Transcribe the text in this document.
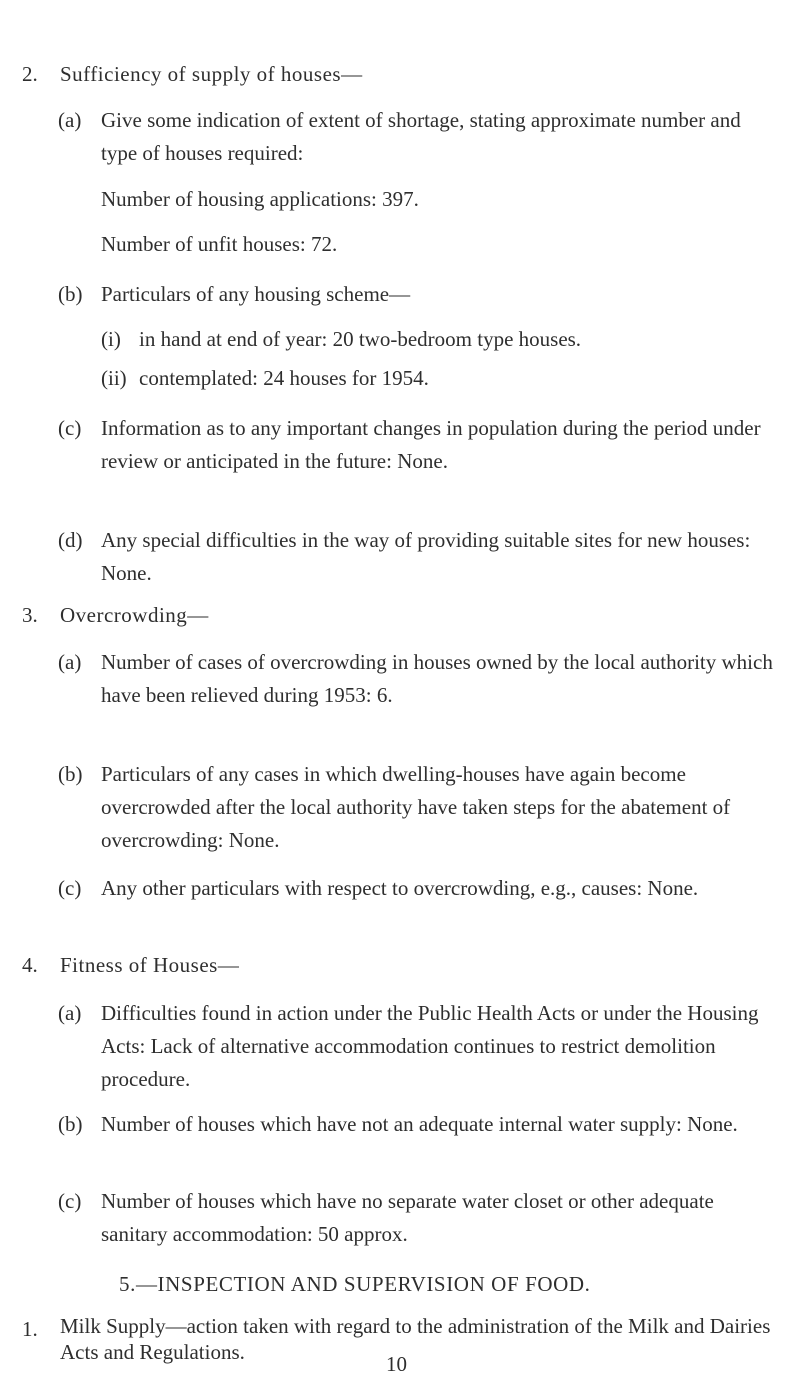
2. Sufficiency of supply of houses—
(a) Give some indication of extent of shortage, stating approximate number and type of houses required:

Number of housing applications: 397.

Number of unfit houses: 72.

(b) Particulars of any housing scheme—

(i) in hand at end of year: 20 two-bedroom type houses.

(ii) contemplated: 24 houses for 1954.

(c) Information as to any important changes in population during the period under review or anticipated in the future: None.

(d) Any special difficulties in the way of providing suitable sites for new houses: None.

3. Overcrowding—
(a) Number of cases of overcrowding in houses owned by the local authority which have been relieved during 1953: 6.

(b) Particulars of any cases in which dwelling-houses have again become overcrowded after the local authority have taken steps for the abatement of overcrowding: None.

(c) Any other particulars with respect to overcrowding, e.g., causes: None.

4. Fitness of Houses—
(a) Difficulties found in action under the Public Health Acts or under the Housing Acts: Lack of alternative accommodation continues to restrict demolition procedure.

(b) Number of houses which have not an adequate internal water supply: None.

(c) Number of houses which have no separate water closet or other adequate sanitary accommodation: 50 approx.

5.—INSPECTION AND SUPERVISION OF FOOD.
1. Milk Supply—action taken with regard to the administration of the Milk and Dairies Acts and Regulations.	10
